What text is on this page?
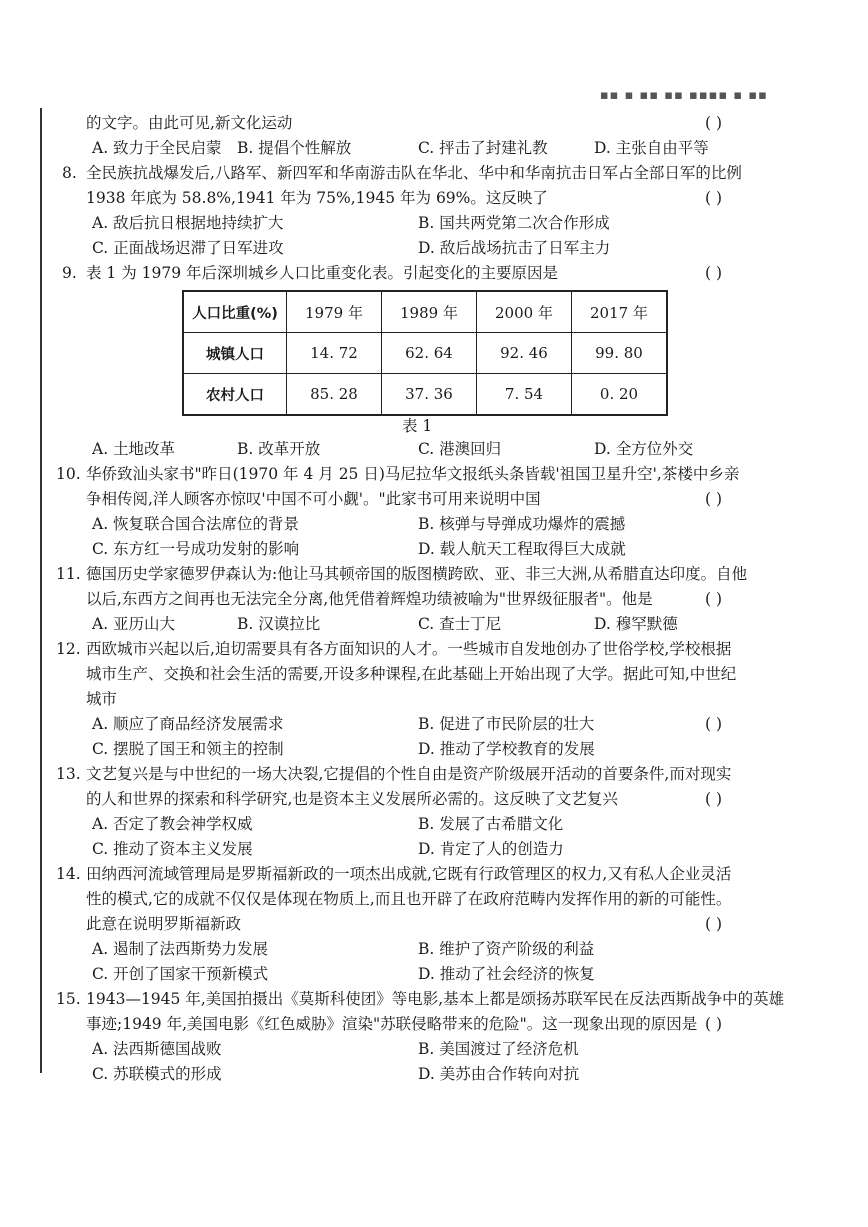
▪▪ ▪ ▪▪ ▪▪ ▪▪▪▪ ▪ ▪▪
的文字。由此可见,新文化运动	( )
A. 致力于全民启蒙 B. 提倡个性解放	C. 抨击了封建礼教	D. 主张自由平等
8. 全民族抗战爆发后,八路军、新四军和华南游击队在华北、华中和华南抗击日军占全部日军的比例
1938 年底为 58.8%,1941 年为 75%,1945 年为 69%。这反映了	( )
A. 敌后抗日根据地持续扩大	B. 国共两党第二次合作形成
C. 正面战场迟滞了日军进攻	D. 敌后战场抗击了日军主力
9. 表 1 为 1979 年后深圳城乡人口比重变化表。引起变化的主要原因是	( )
人口比重(%)	1979 年	1989 年	2000 年	2017 年
城镇人口	14. 72	62. 64	92. 46	99. 80
农村人口	85. 28	37. 36	7. 54	0. 20
表 1
A. 土地改革	B. 改革开放	C. 港澳回归	D. 全方位外交
10. 华侨致汕头家书"昨日(1970 年 4 月 25 日)马尼拉华文报纸头条皆载'祖国卫星升空',茶楼中乡亲
争相传阅,洋人顾客亦惊叹'中国不可小觑'。"此家书可用来说明中国	( )
A. 恢复联合国合法席位的背景	B. 核弹与导弹成功爆炸的震撼
C. 东方红一号成功发射的影响	D. 载人航天工程取得巨大成就
11. 德国历史学家德罗伊森认为:他让马其顿帝国的版图横跨欧、亚、非三大洲,从希腊直达印度。自他
以后,东西方之间再也无法完全分离,他凭借着辉煌功绩被喻为"世界级征服者"。他是	( )
A. 亚历山大	B. 汉谟拉比	C. 查士丁尼	D. 穆罕默德
12. 西欧城市兴起以后,迫切需要具有各方面知识的人才。一些城市自发地创办了世俗学校,学校根据
城市生产、交换和社会生活的需要,开设多种课程,在此基础上开始出现了大学。据此可知,中世纪
城市
( )
A. 顺应了商品经济发展需求	B. 促进了市民阶层的壮大
C. 摆脱了国王和领主的控制	D. 推动了学校教育的发展
13. 文艺复兴是与中世纪的一场大决裂,它提倡的个性自由是资产阶级展开活动的首要条件,而对现实
的人和世界的探索和科学研究,也是资本主义发展所必需的。这反映了文艺复兴	( )
A. 否定了教会神学权威	B. 发展了古希腊文化
C. 推动了资本主义发展	D. 肯定了人的创造力
14. 田纳西河流域管理局是罗斯福新政的一项杰出成就,它既有行政管理区的权力,又有私人企业灵活
性的模式,它的成就不仅仅是体现在物质上,而且也开辟了在政府范畴内发挥作用的新的可能性。
此意在说明罗斯福新政	( )
A. 遏制了法西斯势力发展	B. 维护了资产阶级的利益
C. 开创了国家干预新模式	D. 推动了社会经济的恢复
15. 1943—1945 年,美国拍摄出《莫斯科使团》等电影,基本上都是颂扬苏联军民在反法西斯战争中的英雄
事迹;1949 年,美国电影《红色威胁》渲染"苏联侵略带来的危险"。这一现象出现的原因是 ( )
A. 法西斯德国战败	B. 美国渡过了经济危机
C. 苏联模式的形成	D. 美苏由合作转向对抗
